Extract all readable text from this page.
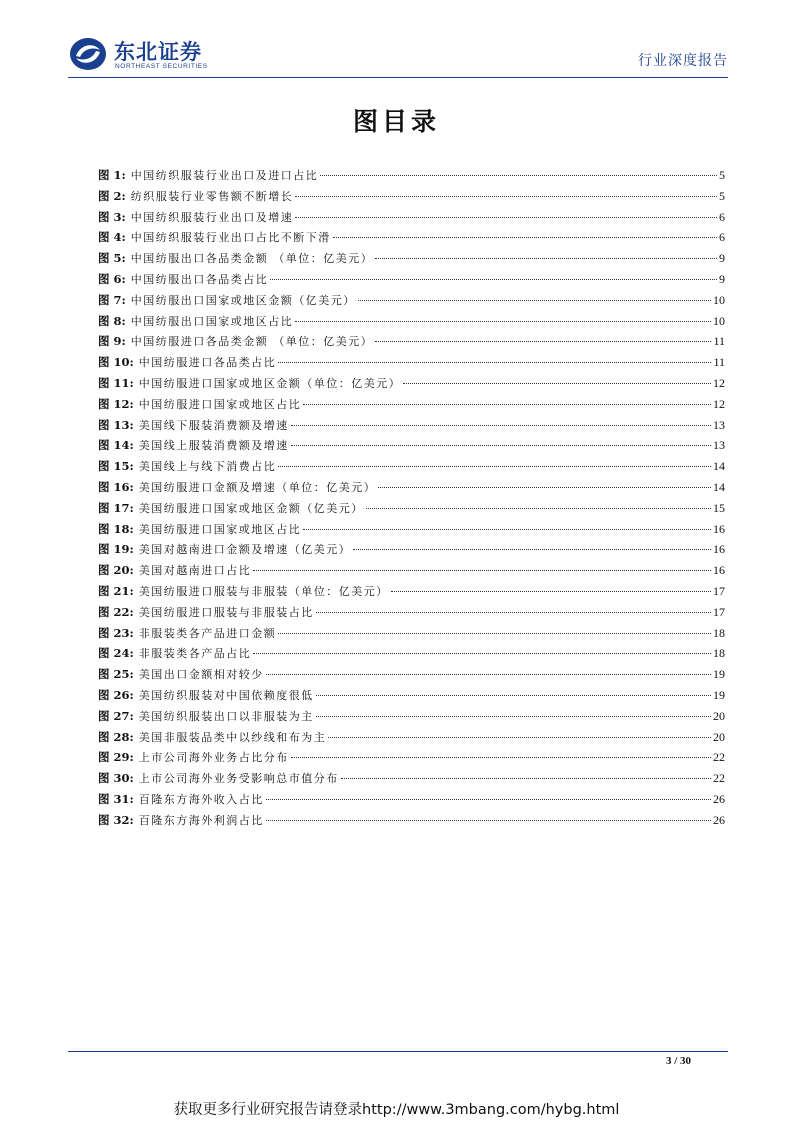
东北证券
NORTHEAST SECURITIES	行业深度报告
图目录
图 1: 中国纺织服装行业出口及进口占比	5
图 2: 纺织服装行业零售额不断增长	5
图 3: 中国纺织服装行业出口及增速	6
图 4: 中国纺织服装行业出口占比不断下滑	6
图 5: 中国纺服出口各品类金额 （单位：亿美元）	9
图 6: 中国纺服出口各品类占比	9
图 7: 中国纺服出口国家或地区金额（亿美元）	10
图 8: 中国纺服出口国家或地区占比	10
图 9: 中国纺服进口各品类金额 （单位：亿美元）	11
图 10: 中国纺服进口各品类占比	11
图 11: 中国纺服进口国家或地区金额（单位：亿美元）	12
图 12: 中国纺服进口国家或地区占比	12
图 13: 美国线下服装消费额及增速	13
图 14: 美国线上服装消费额及增速	13
图 15: 美国线上与线下消费占比	14
图 16: 美国纺服进口金额及增速（单位：亿美元）	14
图 17: 美国纺服进口国家或地区金额（亿美元）	15
图 18: 美国纺服进口国家或地区占比	16
图 19: 美国对越南进口金额及增速（亿美元）	16
图 20: 美国对越南进口占比	16
图 21: 美国纺服进口服装与非服装（单位：亿美元）	17
图 22: 美国纺服进口服装与非服装占比	17
图 23: 非服装类各产品进口金额	18
图 24: 非服装类各产品占比	18
图 25: 美国出口金额相对较少	19
图 26: 美国纺织服装对中国依赖度很低	19
图 27: 美国纺织服装出口以非服装为主	20
图 28: 美国非服装品类中以纱线和布为主	20
图 29: 上市公司海外业务占比分布	22
图 30: 上市公司海外业务受影响总市值分布	22
图 31: 百隆东方海外收入占比	26
图 32: 百隆东方海外利润占比	26
3 / 30
获取更多行业研究报告请登录http://www.3mbang.com/hybg.html
